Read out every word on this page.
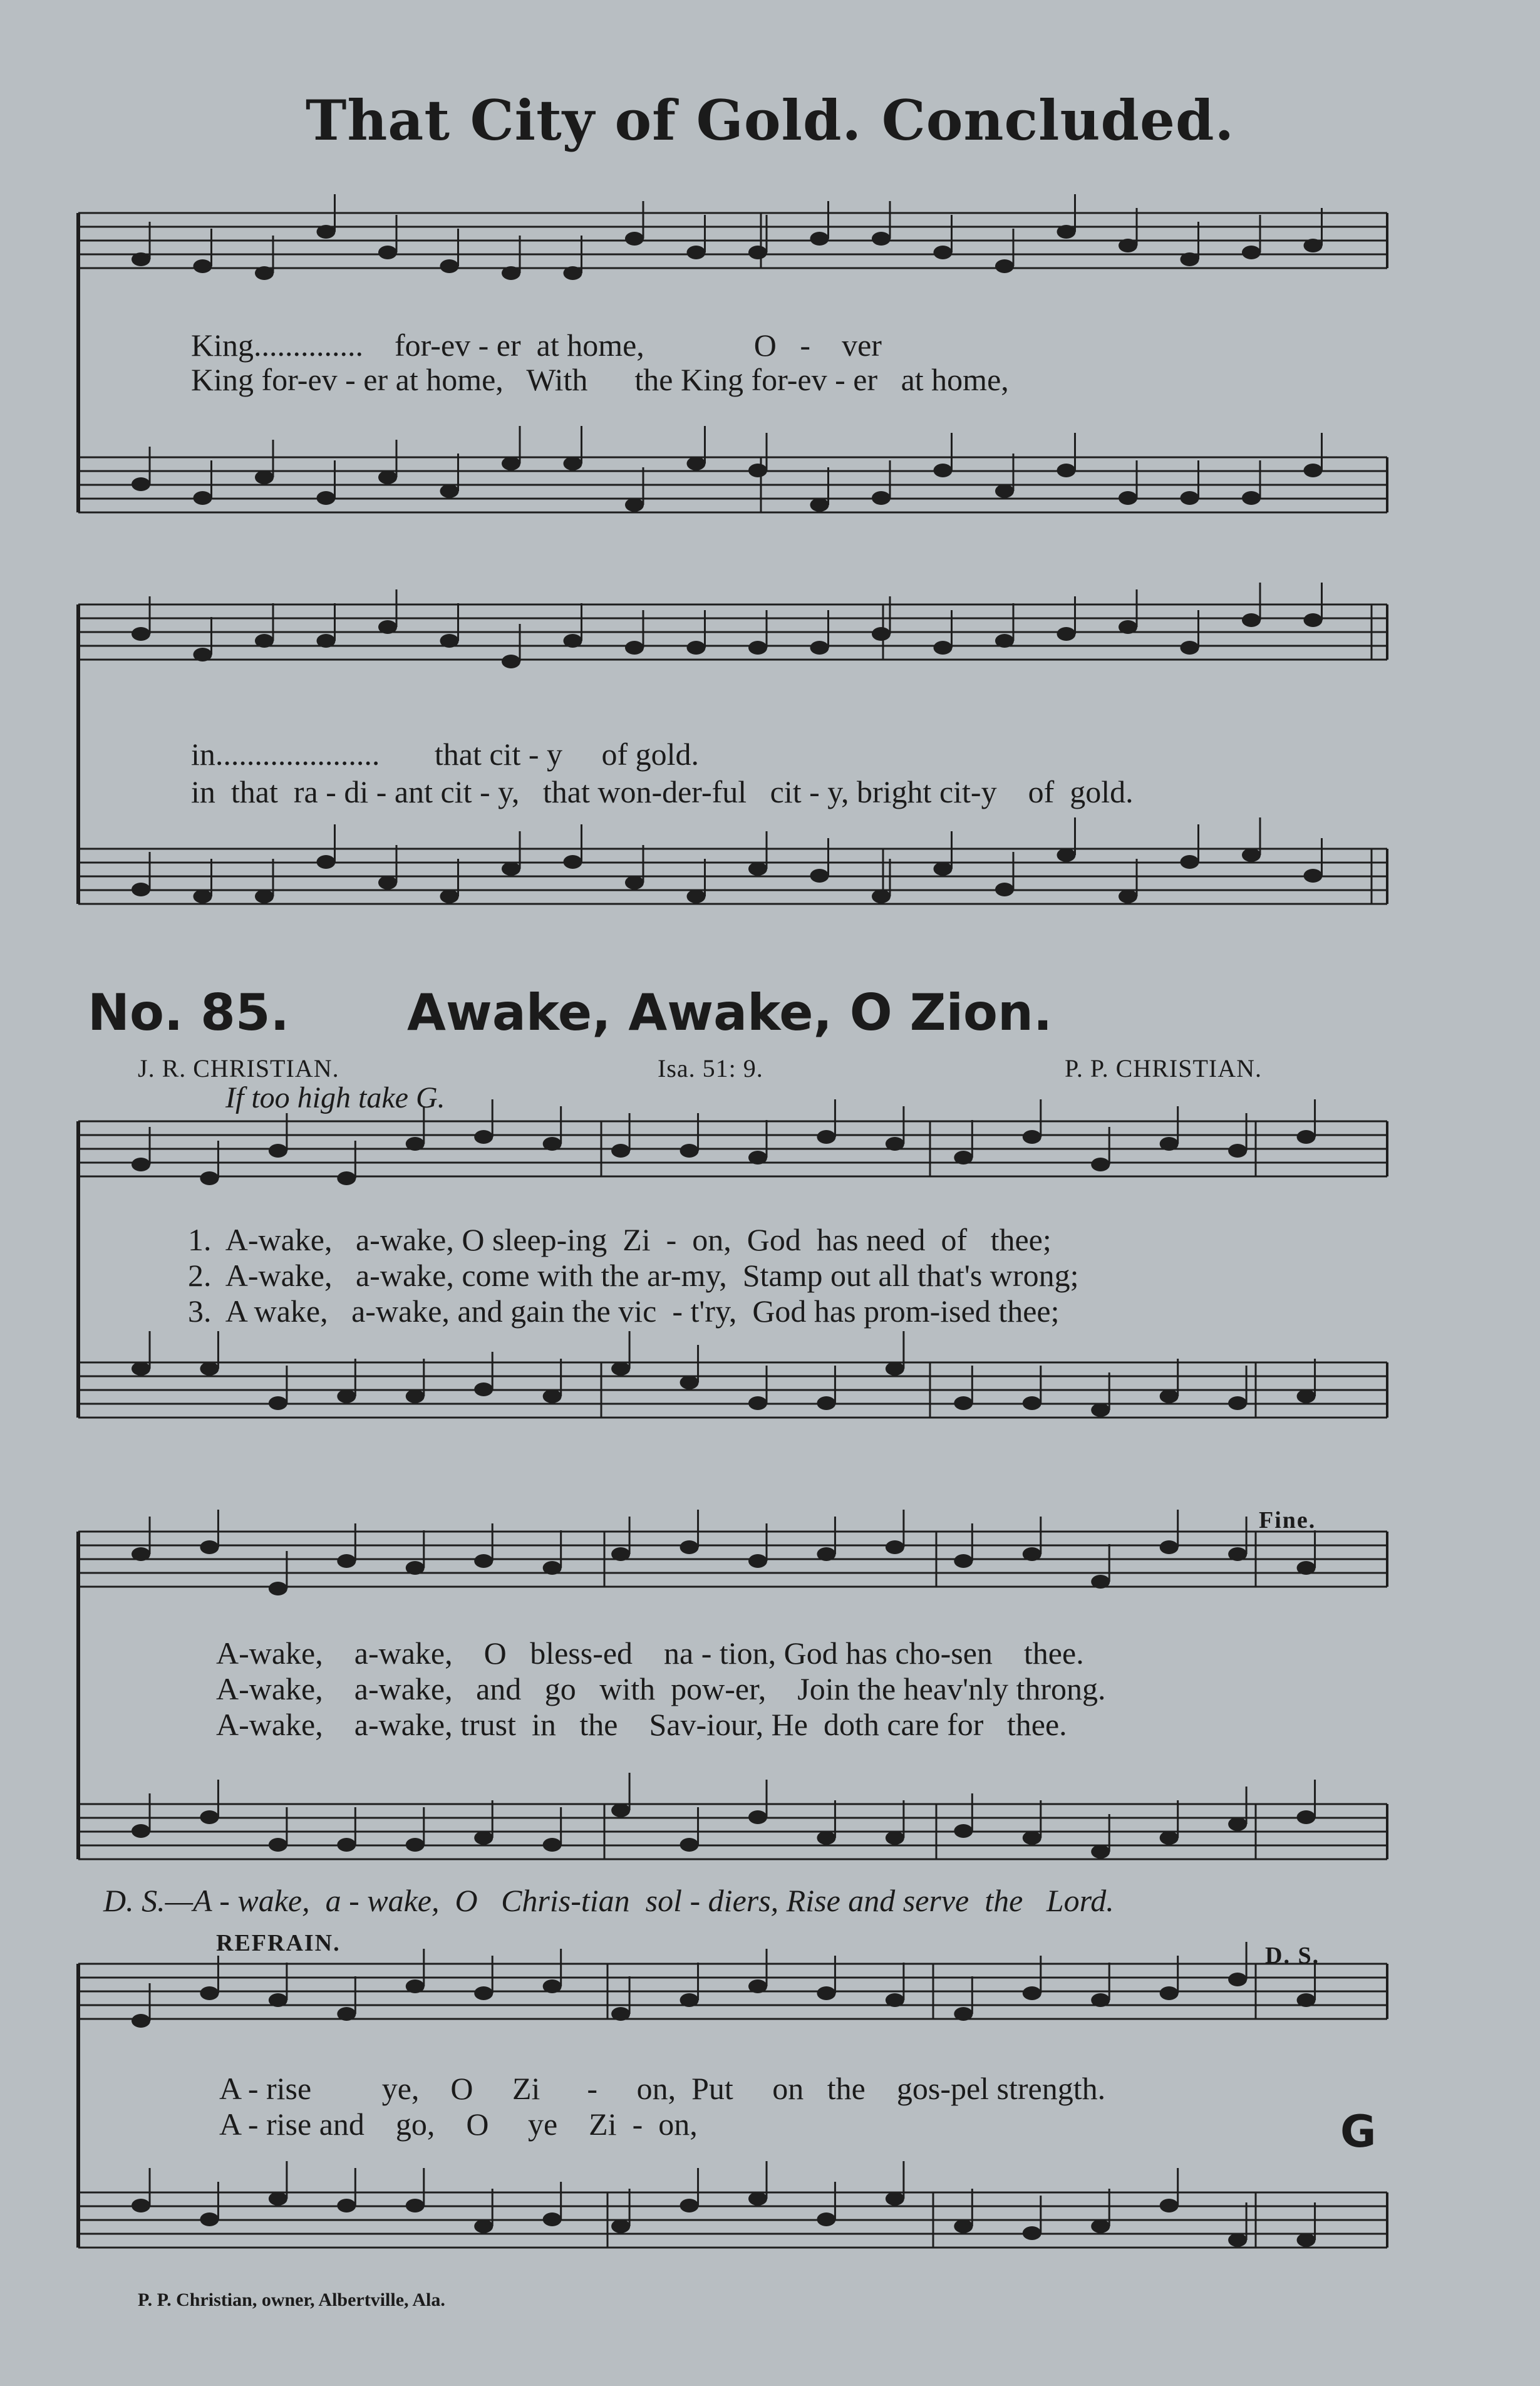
That City of Gold. Concluded.
King..............    for-ev - er  at home,              O   -    ver
King for-ev - er at home,   With      the King for-ev - er   at home,
in.....................       that cit - y     of gold.
in  that  ra - di - ant cit - y,   that won-der-ful   cit - y, bright cit-y    of  gold.
No. 85. Awake, Awake, O Zion.
J. R. CHRISTIAN.	Isa. 51: 9.	P. P. CHRISTIAN.
If too high take G.
1.  A-wake,   a-wake, O sleep-ing  Zi  -  on,  God  has need  of   thee;
2.  A-wake,   a-wake, come with the ar-my,  Stamp out all that's wrong;
3.  A wake,   a-wake, and gain the vic  - t'ry,  God has prom-ised thee;
Fine.
A-wake,    a-wake,    O   bless-ed    na - tion, God has cho-sen    thee.
A-wake,    a-wake,   and   go   with  pow-er,    Join the heav'nly throng.
A-wake,    a-wake, trust  in   the    Sav-iour, He  doth care for   thee.
D. S.—A - wake,  a - wake,  O   Chris-tian  sol - diers, Rise and serve  the   Lord.
REFRAIN.	D. S.
A - rise         ye,    O     Zi      -     on,  Put     on   the    gos-pel strength.
A - rise and    go,    O     ye    Zi  -  on,	G
P. P. Christian, owner, Albertville, Ala.
